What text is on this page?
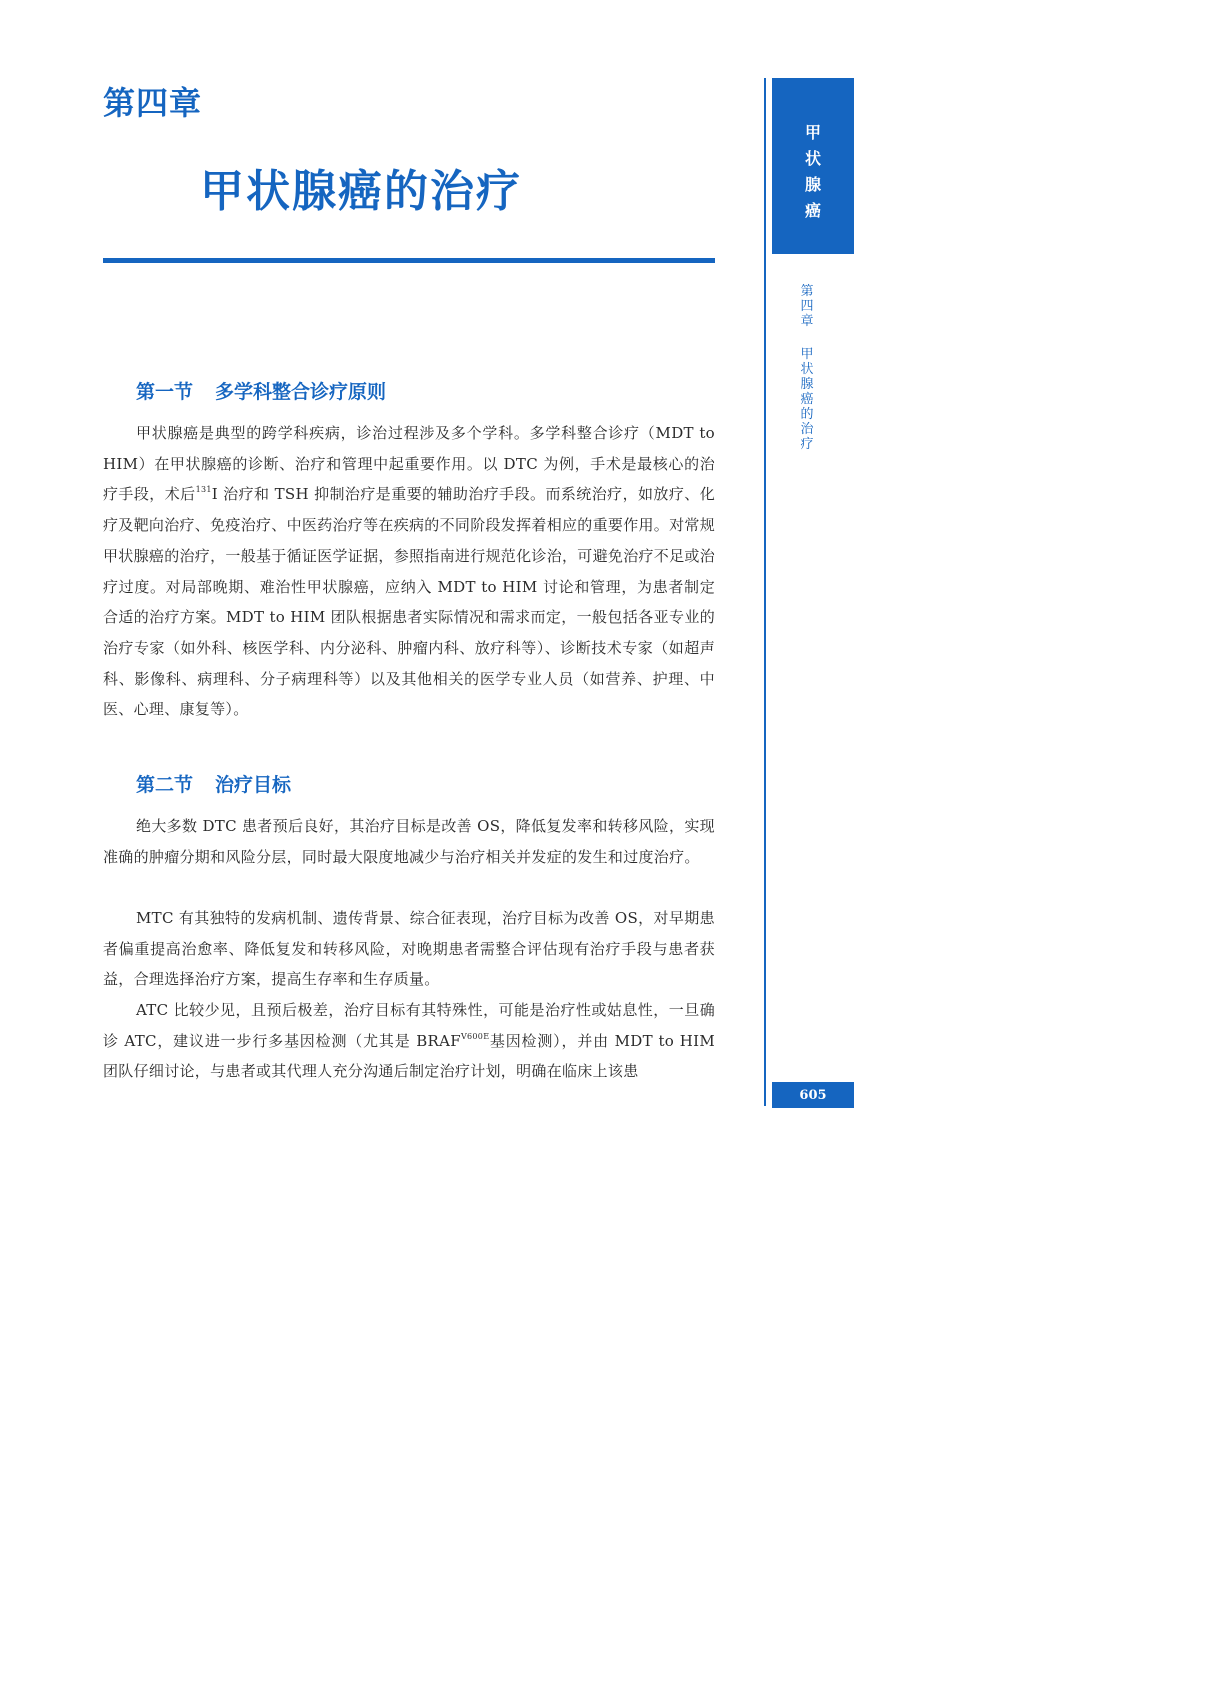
第四章
甲状腺癌的治疗
第一节 多学科整合诊疗原则

甲状腺癌是典型的跨学科疾病，诊治过程涉及多个学科。多学科整合诊疗（MDT to HIM）在甲状腺癌的诊断、治疗和管理中起重要作用。以 DTC 为例，手术是最核心的治疗手段，术后$^{131}$I 治疗和 TSH 抑制治疗是重要的辅助治疗手段。而系统治疗，如放疗、化疗及靶向治疗、免疫治疗、中医药治疗等在疾病的不同阶段发挥着相应的重要作用。对常规甲状腺癌的治疗，一般基于循证医学证据，参照指南进行规范化诊治，可避免治疗不足或治疗过度。对局部晚期、难治性甲状腺癌，应纳入 MDT to HIM 讨论和管理，为患者制定合适的治疗方案。MDT to HIM 团队根据患者实际情况和需求而定，一般包括各亚专业的治疗专家（如外科、核医学科、内分泌科、肿瘤内科、放疗科等）、诊断技术专家（如超声科、影像科、病理科、分子病理科等）以及其他相关的医学专业人员（如营养、护理、中医、心理、康复等）。

第二节 治疗目标

绝大多数 DTC 患者预后良好，其治疗目标是改善 OS，降低复发率和转移风险，实现准确的肿瘤分期和风险分层，同时最大限度地减少与治疗相关并发症的发生和过度治疗。

MTC 有其独特的发病机制、遗传背景、综合征表现，治疗目标为改善 OS，对早期患者偏重提高治愈率、降低复发和转移风险，对晚期患者需整合评估现有治疗手段与患者获益，合理选择治疗方案，提高生存率和生存质量。

ATC 比较少见，且预后极差，治疗目标有其特殊性，可能是治疗性或姑息性，一旦确诊 ATC，建议进一步行多基因检测（尤其是 $BRAF^{V600E}$基因检测），并由 MDT to HIM 团队仔细讨论，与患者或其代理人充分沟通后制定治疗计划，明确在临床上该患

甲
状
腺
癌
第
四
章
甲
状
腺
癌
的
治
疗
605
